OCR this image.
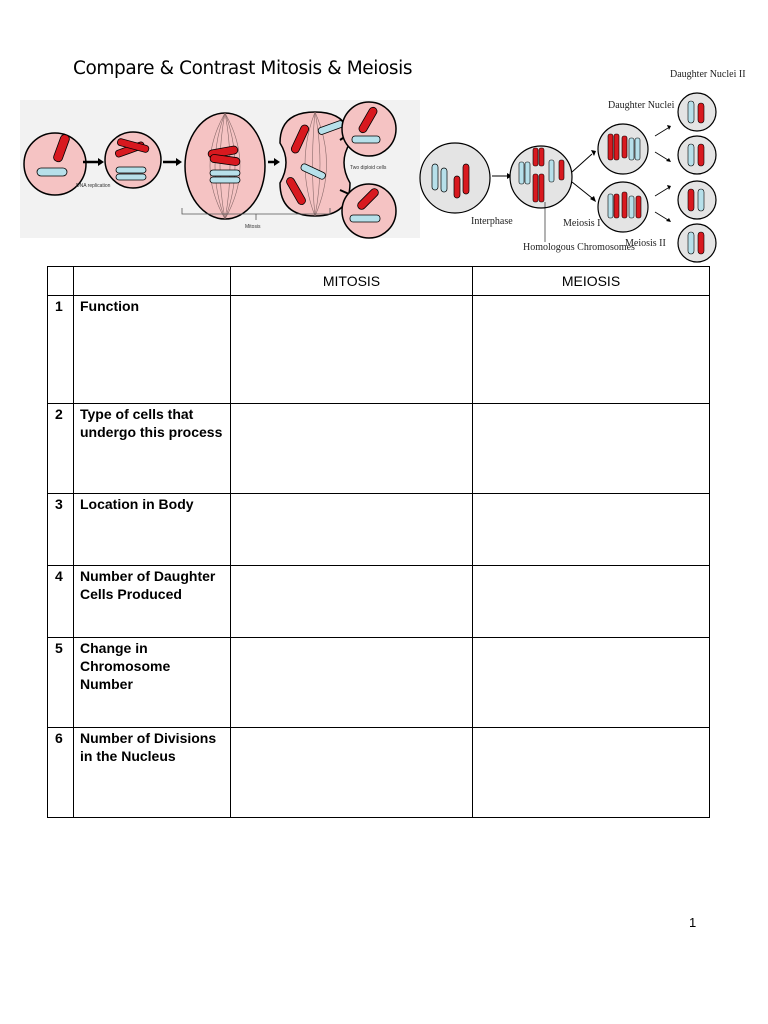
Compare & Contrast Mitosis & Meiosis
DNA replication
Mitosis
Two diploid cells
Interphase	Meiosis I
Meiosis II
Homologous Chromosomes
Daughter Nuclei
Daughter Nuclei II
		MITOSIS	MEIOSIS
1	Function		
2	Type of cells that undergo this process		
3	Location in Body		
4	Number of Daughter Cells Produced		
5	Change in Chromosome Number		
6	Number of Divisions in the Nucleus		
1
